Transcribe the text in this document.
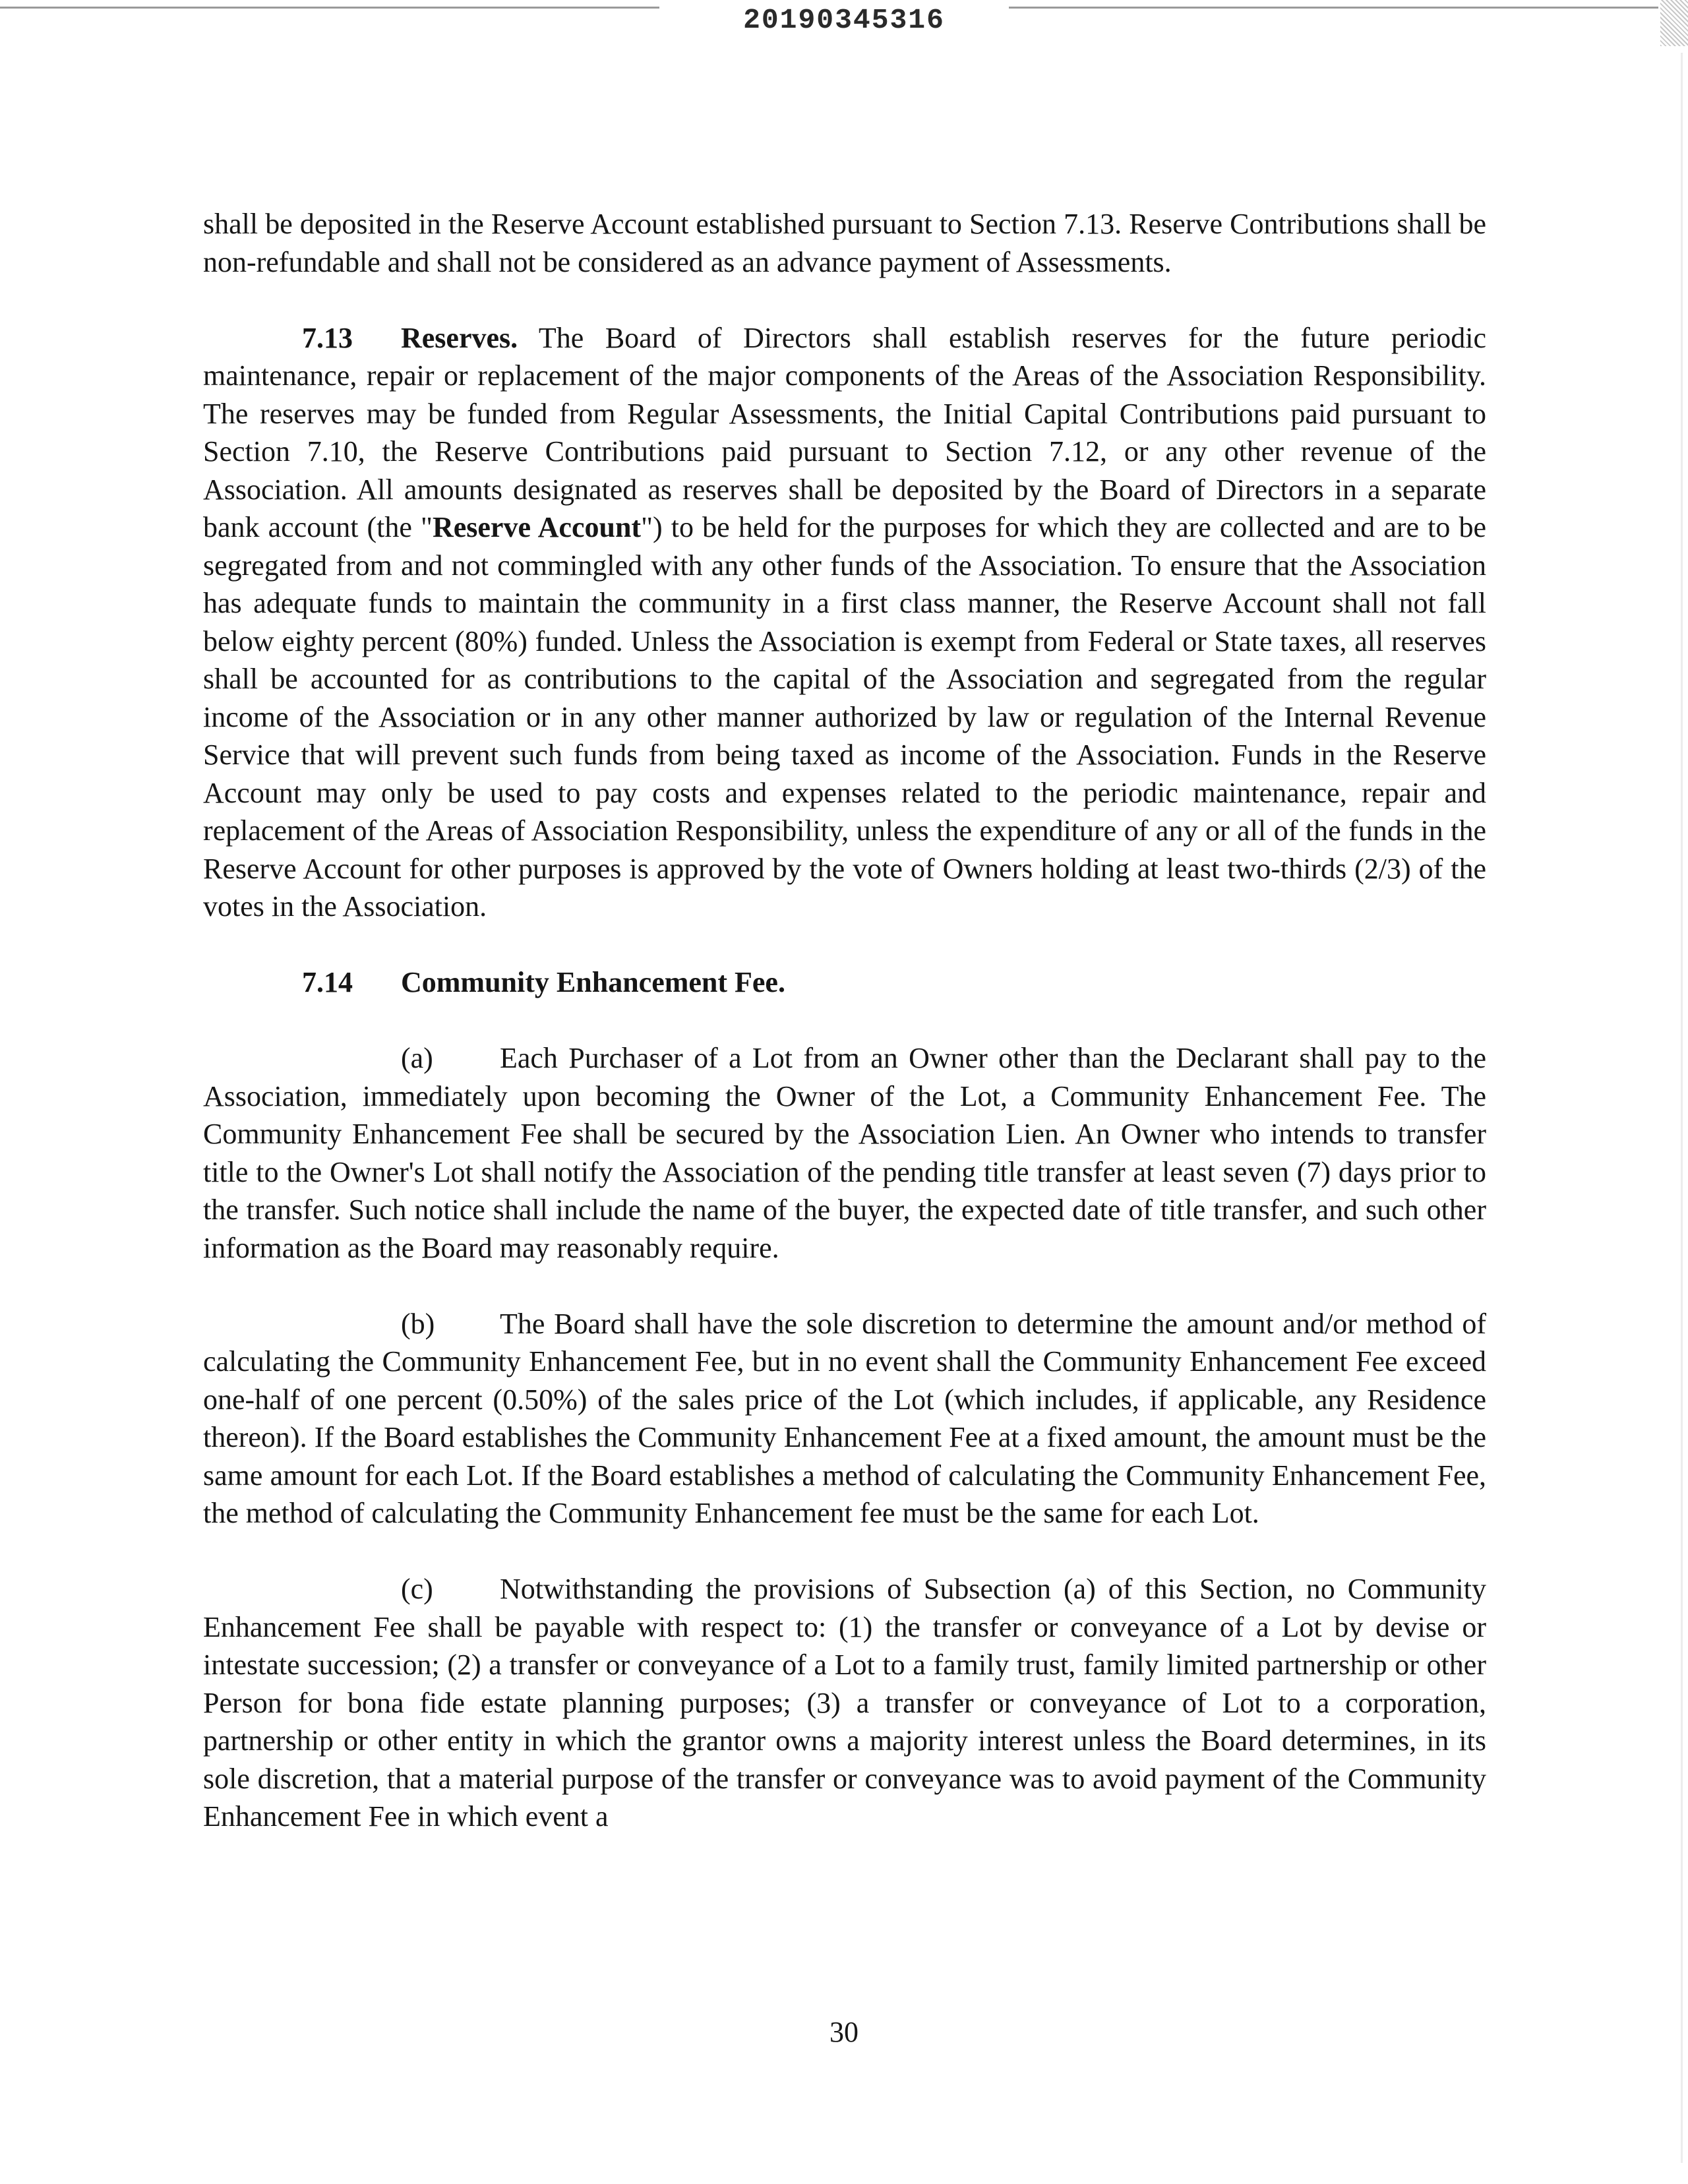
20190345316

shall be deposited in the Reserve Account established pursuant to Section 7.13. Reserve Contributions shall be non-refundable and shall not be considered as an advance payment of Assessments.

7.13 Reserves. The Board of Directors shall establish reserves for the future periodic maintenance, repair or replacement of the major components of the Areas of the Association Responsibility. The reserves may be funded from Regular Assessments, the Initial Capital Contributions paid pursuant to Section 7.10, the Reserve Contributions paid pursuant to Section 7.12, or any other revenue of the Association. All amounts designated as reserves shall be deposited by the Board of Directors in a separate bank account (the "Reserve Account") to be held for the purposes for which they are collected and are to be segregated from and not commingled with any other funds of the Association. To ensure that the Association has adequate funds to maintain the community in a first class manner, the Reserve Account shall not fall below eighty percent (80%) funded. Unless the Association is exempt from Federal or State taxes, all reserves shall be accounted for as contributions to the capital of the Association and segregated from the regular income of the Association or in any other manner authorized by law or regulation of the Internal Revenue Service that will prevent such funds from being taxed as income of the Association. Funds in the Reserve Account may only be used to pay costs and expenses related to the periodic maintenance, repair and replacement of the Areas of Association Responsibility, unless the expenditure of any or all of the funds in the Reserve Account for other purposes is approved by the vote of Owners holding at least two-thirds (2/3) of the votes in the Association.

7.14 Community Enhancement Fee.

(a) Each Purchaser of a Lot from an Owner other than the Declarant shall pay to the Association, immediately upon becoming the Owner of the Lot, a Community Enhancement Fee. The Community Enhancement Fee shall be secured by the Association Lien. An Owner who intends to transfer title to the Owner's Lot shall notify the Association of the pending title transfer at least seven (7) days prior to the transfer. Such notice shall include the name of the buyer, the expected date of title transfer, and such other information as the Board may reasonably require.

(b) The Board shall have the sole discretion to determine the amount and/or method of calculating the Community Enhancement Fee, but in no event shall the Community Enhancement Fee exceed one-half of one percent (0.50%) of the sales price of the Lot (which includes, if applicable, any Residence thereon). If the Board establishes the Community Enhancement Fee at a fixed amount, the amount must be the same amount for each Lot. If the Board establishes a method of calculating the Community Enhancement Fee, the method of calculating the Community Enhancement fee must be the same for each Lot.

(c) Notwithstanding the provisions of Subsection (a) of this Section, no Community Enhancement Fee shall be payable with respect to: (1) the transfer or conveyance of a Lot by devise or intestate succession; (2) a transfer or conveyance of a Lot to a family trust, family limited partnership or other Person for bona fide estate planning purposes; (3) a transfer or conveyance of Lot to a corporation, partnership or other entity in which the grantor owns a majority interest unless the Board determines, in its sole discretion, that a material purpose of the transfer or conveyance was to avoid payment of the Community Enhancement Fee in which event a

30
